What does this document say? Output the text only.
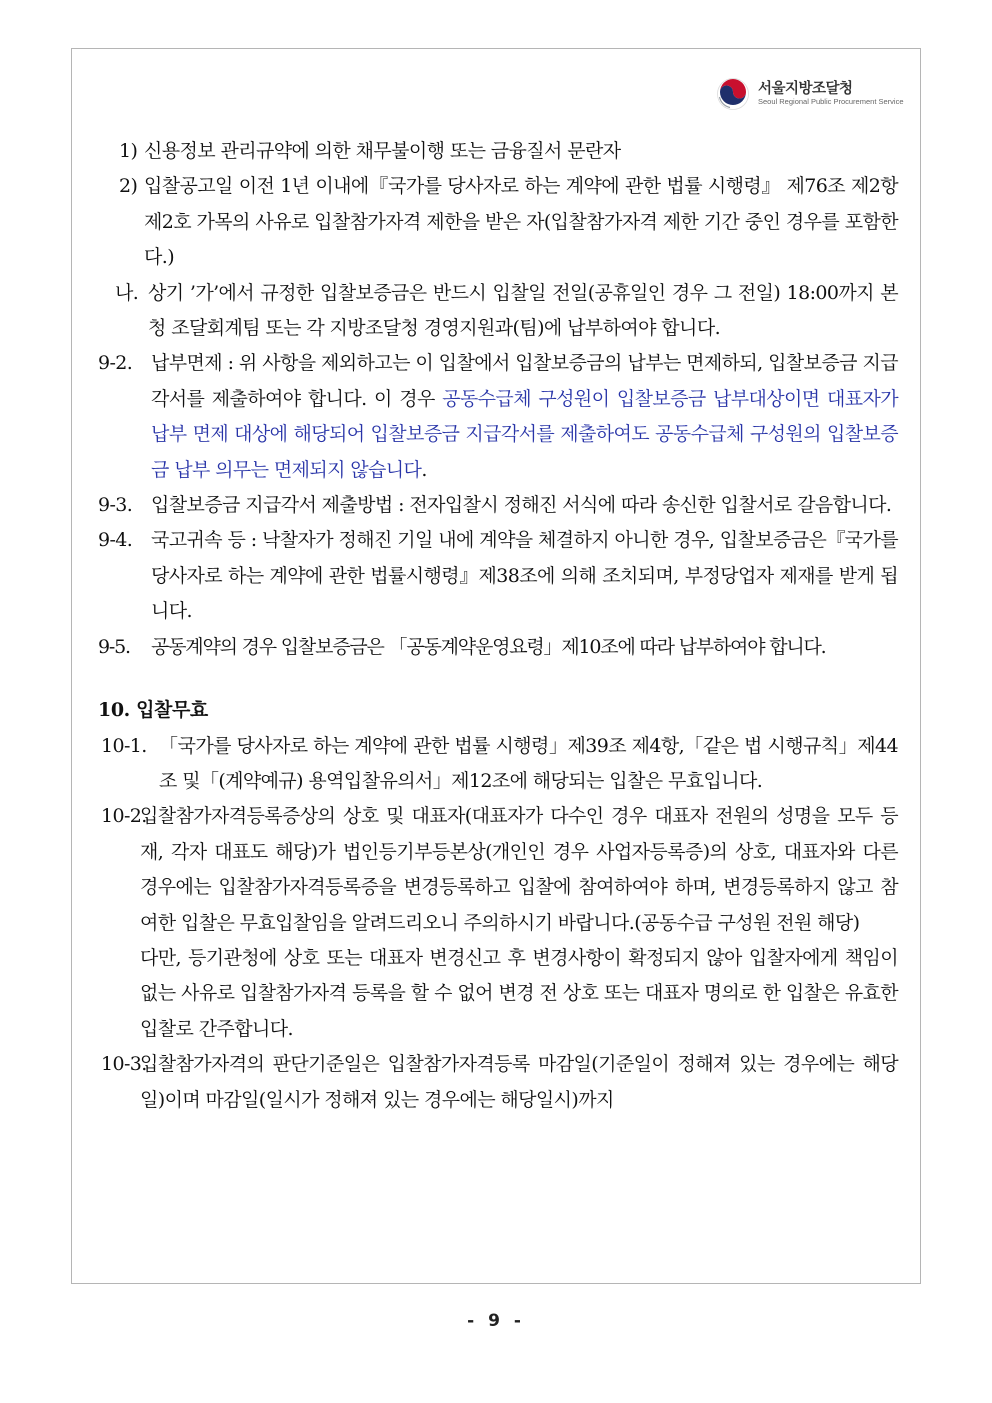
서울지방조달청
Seoul Regional Public Procurement Service
1) 신용정보 관리규약에 의한 채무불이행 또는 금융질서 문란자
2) 입찰공고일 이전 1년 이내에『국가를 당사자로 하는 계약에 관한 법률 시행령』 제76조 제2항 제2호 가목의 사유로 입찰참가자격 제한을 받은 자(입찰참가자격 제한 기간 중인 경우를 포함한다.)
나. 상기 ’가’에서 규정한 입찰보증금은 반드시 입찰일 전일(공휴일인 경우 그 전일) 18:00까지 본청 조달회계팀 또는 각 지방조달청 경영지원과(팀)에 납부하여야 합니다.
9-2. 납부면제 : 위 사항을 제외하고는 이 입찰에서 입찰보증금의 납부는 면제하되, 입찰보증금 지급각서를 제출하여야 합니다. 이 경우 공동수급체 구성원이 입찰보증금 납부대상이면 대표자가 납부 면제 대상에 해당되어 입찰보증금 지급각서를 제출하여도 공동수급체 구성원의 입찰보증금 납부 의무는 면제되지 않습니다.
9-3. 입찰보증금 지급각서 제출방법 : 전자입찰시 정해진 서식에 따라 송신한 입찰서로 갈음합니다.
9-4. 국고귀속 등 : 낙찰자가 정해진 기일 내에 계약을 체결하지 아니한 경우, 입찰보증금은『국가를 당사자로 하는 계약에 관한 법률시행령』제38조에 의해 조치되며, 부정당업자 제재를 받게 됩니다.
9-5. 공동계약의 경우 입찰보증금은 「공동계약운영요령」제10조에 따라 납부하여야 합니다.
10. 입찰무효
10-1. 「국가를 당사자로 하는 계약에 관한 법률 시행령」제39조 제4항,「같은 법 시행규칙」제44조 및「(계약예규) 용역입찰유의서」제12조에 해당되는 입찰은 무효입니다.
10-2.
입찰참가자격등록증상의 상호 및 대표자(대표자가 다수인 경우 대표자 전원의 성명을 모두 등재, 각자 대표도 해당)가 법인등기부등본상(개인인 경우 사업자등록증)의 상호, 대표자와 다른 경우에는 입찰참가자격등록증을 변경등록하고 입찰에 참여하여야 하며, 변경등록하지 않고 참여한 입찰은 무효입찰임을 알려드리오니 주의하시기 바랍니다.(공동수급 구성원 전원 해당)
다만, 등기관청에 상호 또는 대표자 변경신고 후 변경사항이 확정되지 않아 입찰자에게 책임이 없는 사유로 입찰참가자격 등록을 할 수 없어 변경 전 상호 또는 대표자 명의로 한 입찰은 유효한 입찰로 간주합니다.
10-3.
입찰참가자격의 판단기준일은 입찰참가자격등록 마감일(기준일이 정해져 있는 경우에는 해당일)이며 마감일(일시가 정해져 있는 경우에는 해당일시)까지
- 9 -
